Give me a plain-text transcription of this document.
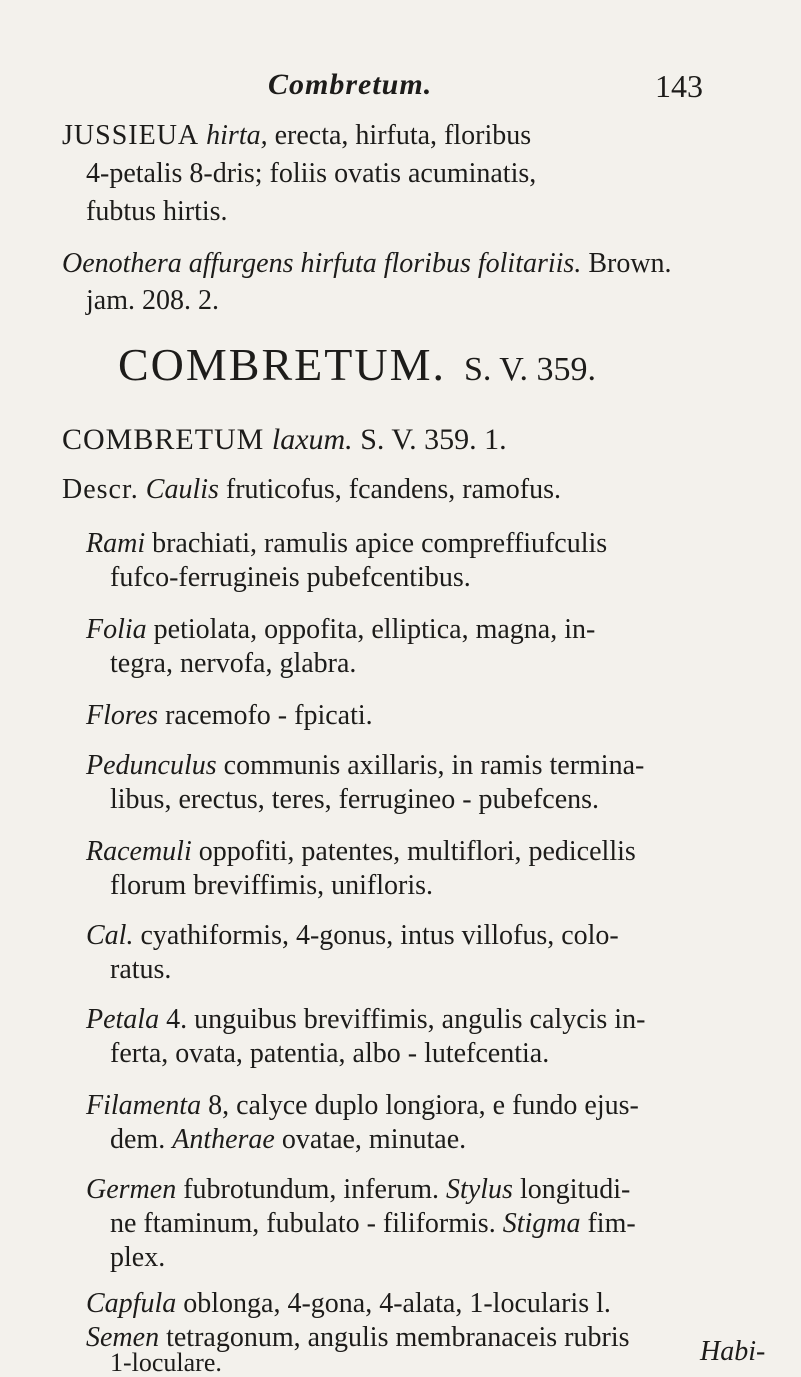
Combretum.	143
JUSSIEUA hirta, erecta, hirfuta, floribus
4-petalis 8-dris; foliis ovatis acuminatis,
fubtus hirtis.
Oenothera affurgens hirfuta floribus folitariis. Brown.
jam. 208. 2.
COMBRETUM. S. V. 359.
COMBRETUM laxum. S. V. 359. 1.
Descr. Caulis fruticofus, fcandens, ramofus.
Rami brachiati, ramulis apice compreffiufculis
fufco-ferrugineis pubefcentibus.
Folia petiolata, oppofita, elliptica, magna, in-
tegra, nervofa, glabra.
Flores racemofo - fpicati.
Pedunculus communis axillaris, in ramis termina-
libus, erectus, teres, ferrugineo - pubefcens.
Racemuli oppofiti, patentes, multiflori, pedicellis
florum breviffimis, unifloris.
Cal. cyathiformis, 4-gonus, intus villofus, colo-
ratus.
Petala 4. unguibus breviffimis, angulis calycis in-
ferta, ovata, patentia, albo - lutefcentia.
Filamenta 8, calyce duplo longiora, e fundo ejus-
dem. Antherae ovatae, minutae.
Germen fubrotundum, inferum. Stylus longitudi-
ne ftaminum, fubulato - filiformis. Stigma fim-
plex.
Capfula oblonga, 4-gona, 4-alata, 1-locularis l.
Semen tetragonum, angulis membranaceis rubris
1-loculare.	Habi-
